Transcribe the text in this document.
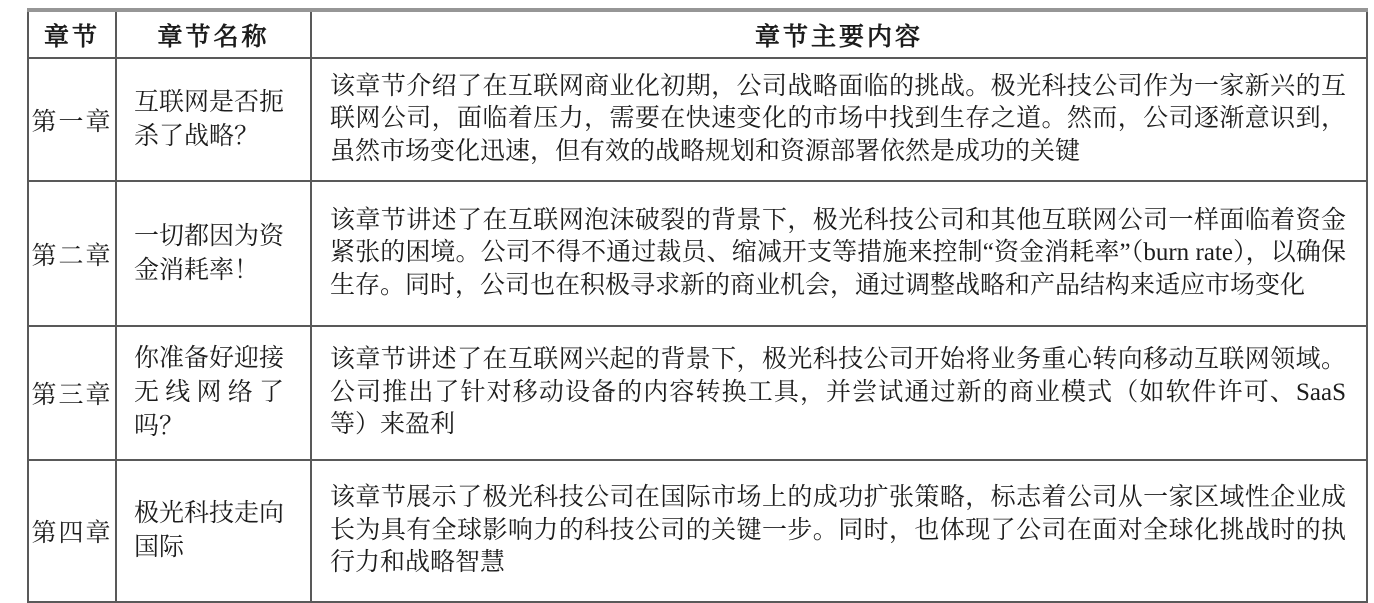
章节	章节名称	章节主要内容
第一章	互联网是否扼杀了战略？	该章节介绍了在互联网商业化初期，公司战略面临的挑战。极光科技公司作为一家新兴的互联网公司，面临着压力，需要在快速变化的市场中找到生存之道。然而，公司逐渐意识到，虽然市场变化迅速，但有效的战略规划和资源部署依然是成功的关键
第二章	一切都因为资金消耗率！	该章节讲述了在互联网泡沫破裂的背景下，极光科技公司和其他互联网公司一样面临着资金紧张的困境。公司不得不通过裁员、缩减开支等措施来控制“资金消耗率”（burn rate），以确保生存。同时，公司也在积极寻求新的商业机会，通过调整战略和产品结构来适应市场变化
第三章	你准备好迎接无线网络了吗？	该章节讲述了在互联网兴起的背景下，极光科技公司开始将业务重心转向移动互联网领域。公司推出了针对移动设备的内容转换工具，并尝试通过新的商业模式（如软件许可、SaaS 等）来盈利
第四章	极光科技走向国际	该章节展示了极光科技公司在国际市场上的成功扩张策略，标志着公司从一家区域性企业成长为具有全球影响力的科技公司的关键一步。同时，也体现了公司在面对全球化挑战时的执行力和战略智慧
